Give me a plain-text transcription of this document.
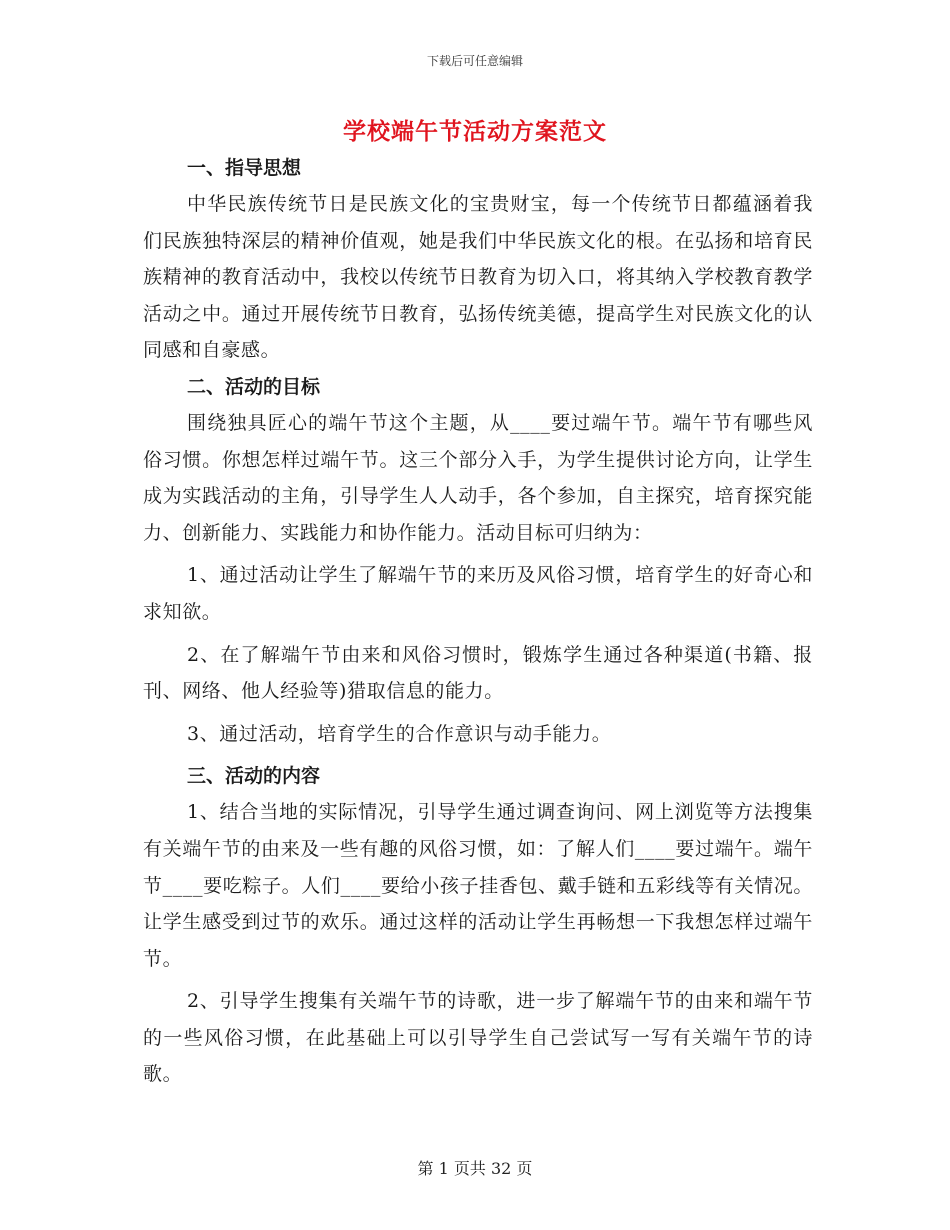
下载后可任意编辑
学校端午节活动方案范文
一、指导思想

中华民族传统节日是民族文化的宝贵财宝，每一个传统节日都蕴涵着我们民族独特深层的精神价值观，她是我们中华民族文化的根。在弘扬和培育民族精神的教育活动中，我校以传统节日教育为切入口，将其纳入学校教育教学活动之中。通过开展传统节日教育，弘扬传统美德，提高学生对民族文化的认同感和自豪感。

二、活动的目标

围绕独具匠心的端午节这个主题，从____要过端午节。端午节有哪些风俗习惯。你想怎样过端午节。这三个部分入手，为学生提供讨论方向，让学生成为实践活动的主角，引导学生人人动手，各个参加，自主探究，培育探究能力、创新能力、实践能力和协作能力。活动目标可归纳为：

1、通过活动让学生了解端午节的来历及风俗习惯，培育学生的好奇心和求知欲。

2、在了解端午节由来和风俗习惯时，锻炼学生通过各种渠道(书籍、报刊、网络、他人经验等)猎取信息的能力。

3、通过活动，培育学生的合作意识与动手能力。

三、活动的内容

1、结合当地的实际情况，引导学生通过调查询问、网上浏览等方法搜集有关端午节的由来及一些有趣的风俗习惯，如：了解人们____要过端午。端午节____要吃粽子。人们____要给小孩子挂香包、戴手链和五彩线等有关情况。让学生感受到过节的欢乐。通过这样的活动让学生再畅想一下我想怎样过端午节。

2、引导学生搜集有关端午节的诗歌，进一步了解端午节的由来和端午节的一些风俗习惯，在此基础上可以引导学生自己尝试写一写有关端午节的诗歌。

第 1 页共 32 页
